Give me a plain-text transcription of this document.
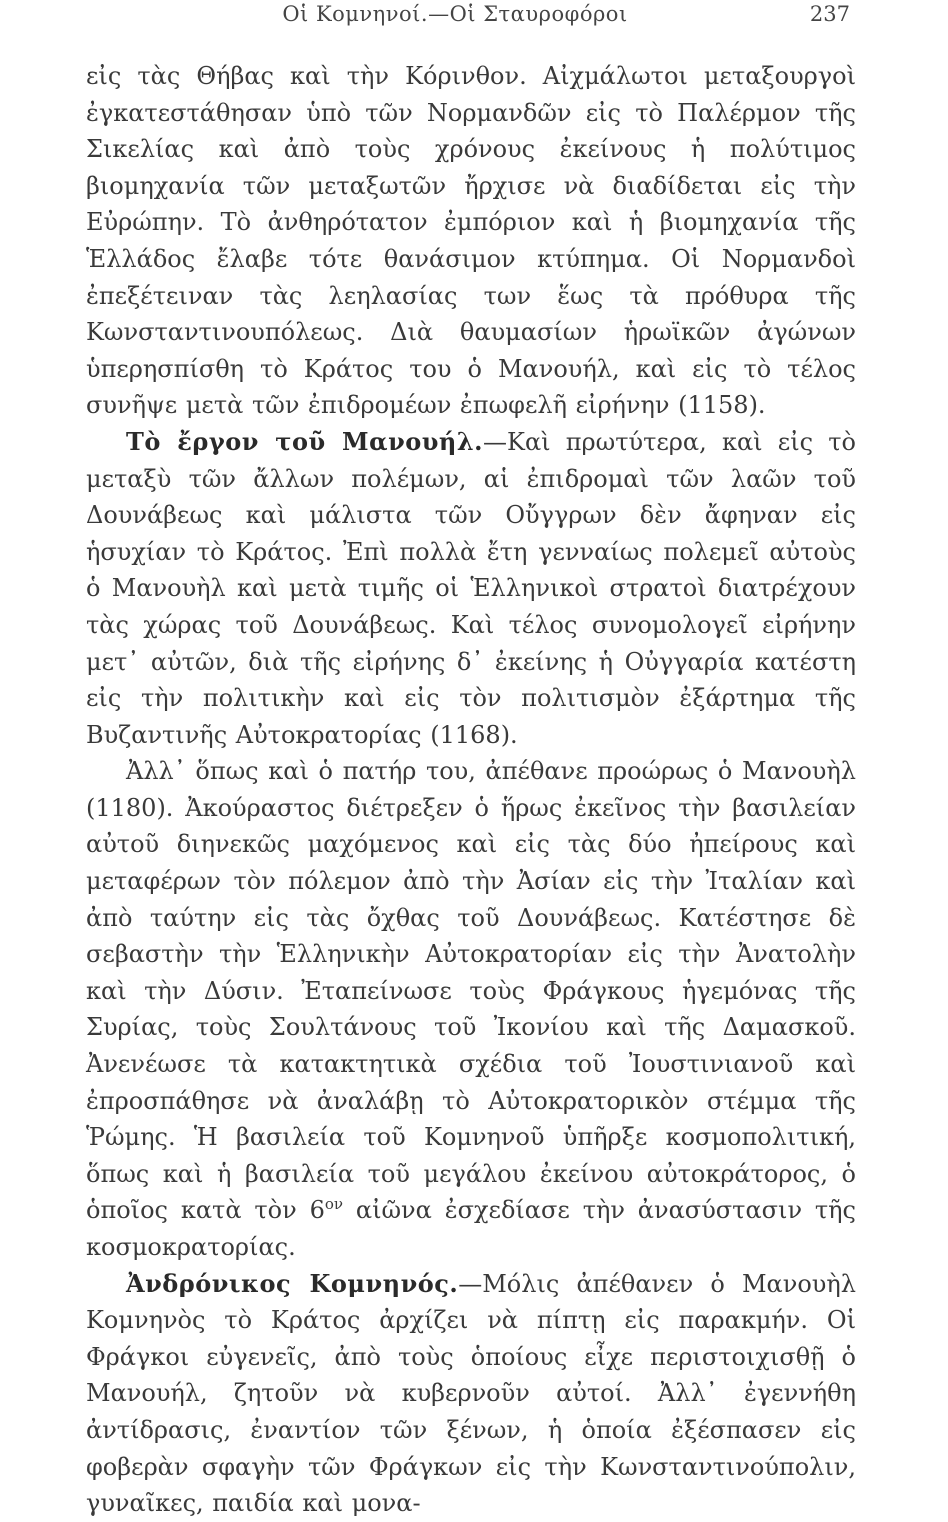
Οἱ Κομνηνοί.—Οἱ Σταυροφόροι	237

εἰς τὰς Θήβας καὶ τὴν Κόρινθον. Αἰχμάλωτοι μεταξουργοὶ ἐγκατεστάθησαν ὑπὸ τῶν Νορμανδῶν εἰς τὸ Παλέρμον τῆς Σικελίας καὶ ἀπὸ τοὺς χρόνους ἐκείνους ἡ πολύτιμος βιομηχανία τῶν μεταξωτῶν ἤρχισε νὰ διαδίδεται εἰς τὴν Εὐρώπην. Τὸ ἀνθηρότατον ἐμπόριον καὶ ἡ βιομηχανία τῆς Ἑλλάδος ἔλαβε τότε θανάσιμον κτύπημα. Οἱ Νορμανδοὶ ἐπεξέτειναν τὰς λεηλασίας των ἕως τὰ πρόθυρα τῆς Κωνσταντινουπόλεως. Διὰ θαυμασίων ἡρωϊκῶν ἀγώνων ὑπερησπίσθη τὸ Κράτος του ὁ Μανουήλ, καὶ εἰς τὸ τέλος συνῆψε μετὰ τῶν ἐπιδρομέων ἐπωφελῆ εἰρήνην (1158).

Τὸ ἔργον τοῦ Μανουήλ.—Καὶ πρωτύτερα, καὶ εἰς τὸ μεταξὺ τῶν ἄλλων πολέμων, αἱ ἐπιδρομαὶ τῶν λαῶν τοῦ Δουνάβεως καὶ μάλιστα τῶν Οὔγγρων δὲν ἄφηναν εἰς ἡσυχίαν τὸ Κράτος. Ἐπὶ πολλὰ ἔτη γενναίως πολεμεῖ αὐτοὺς ὁ Μανουὴλ καὶ μετὰ τιμῆς οἱ Ἑλληνικοὶ στρατοὶ διατρέχουν τὰς χώρας τοῦ Δουνάβεως. Καὶ τέλος συνομολογεῖ εἰρήνην μετ᾽ αὐτῶν, διὰ τῆς εἰρήνης δ᾽ ἐκείνης ἡ Οὐγγαρία κατέστη εἰς τὴν πολιτικὴν καὶ εἰς τὸν πολιτισμὸν ἐξάρτημα τῆς Βυζαντινῆς Αὐτοκρατορίας (1168).

Ἀλλ᾽ ὅπως καὶ ὁ πατήρ του, ἀπέθανε προώρως ὁ Μανουὴλ (1180). Ἀκούραστος διέτρεξεν ὁ ἥρως ἐκεῖνος τὴν βασιλείαν αὐτοῦ διηνεκῶς μαχόμενος καὶ εἰς τὰς δύο ἠπείρους καὶ μεταφέρων τὸν πόλεμον ἀπὸ τὴν Ἀσίαν εἰς τὴν Ἰταλίαν καὶ ἀπὸ ταύτην εἰς τὰς ὄχθας τοῦ Δουνάβεως. Κατέστησε δὲ σεβαστὴν τὴν Ἑλληνικὴν Αὐτοκρατορίαν εἰς τὴν Ἀνατολὴν καὶ τὴν Δύσιν. Ἐταπείνωσε τοὺς Φράγκους ἡγεμόνας τῆς Συρίας, τοὺς Σουλτάνους τοῦ Ἰκονίου καὶ τῆς Δαμασκοῦ. Ἀνενέωσε τὰ κατακτητικὰ σχέδια τοῦ Ἰουστινιανοῦ καὶ ἐπροσπάθησε νὰ ἀναλάβῃ τὸ Αὐτοκρατορικὸν στέμμα τῆς Ῥώμης. Ἡ βασιλεία τοῦ Κομνηνοῦ ὑπῆρξε κοσμοπολιτική, ὅπως καὶ ἡ βασιλεία τοῦ μεγάλου ἐκείνου αὐτοκράτορος, ὁ ὁποῖος κατὰ τὸν $6^{o\nu}$ αἰῶνα ἐσχεδίασε τὴν ἀνασύστασιν τῆς κοσμοκρατορίας.

Ἀνδρόνικος Κομνηνός.—Μόλις ἀπέθανεν ὁ Μανουὴλ Κομνηνὸς τὸ Κράτος ἀρχίζει νὰ πίπτῃ εἰς παρακμήν. Οἱ Φράγκοι εὐγενεῖς, ἀπὸ τοὺς ὁποίους εἶχε περιστοιχισθῇ ὁ Μανουήλ, ζητοῦν νὰ κυβερνοῦν αὐτοί. Ἀλλ᾽ ἐγεννήθη ἀντίδρασις, ἐναντίον τῶν ξένων, ἡ ὁποία ἐξέσπασεν εἰς φοβερὰν σφαγὴν τῶν Φράγκων εἰς τὴν Κωνσταντινούπολιν, γυναῖκες, παιδία καὶ μονα-
